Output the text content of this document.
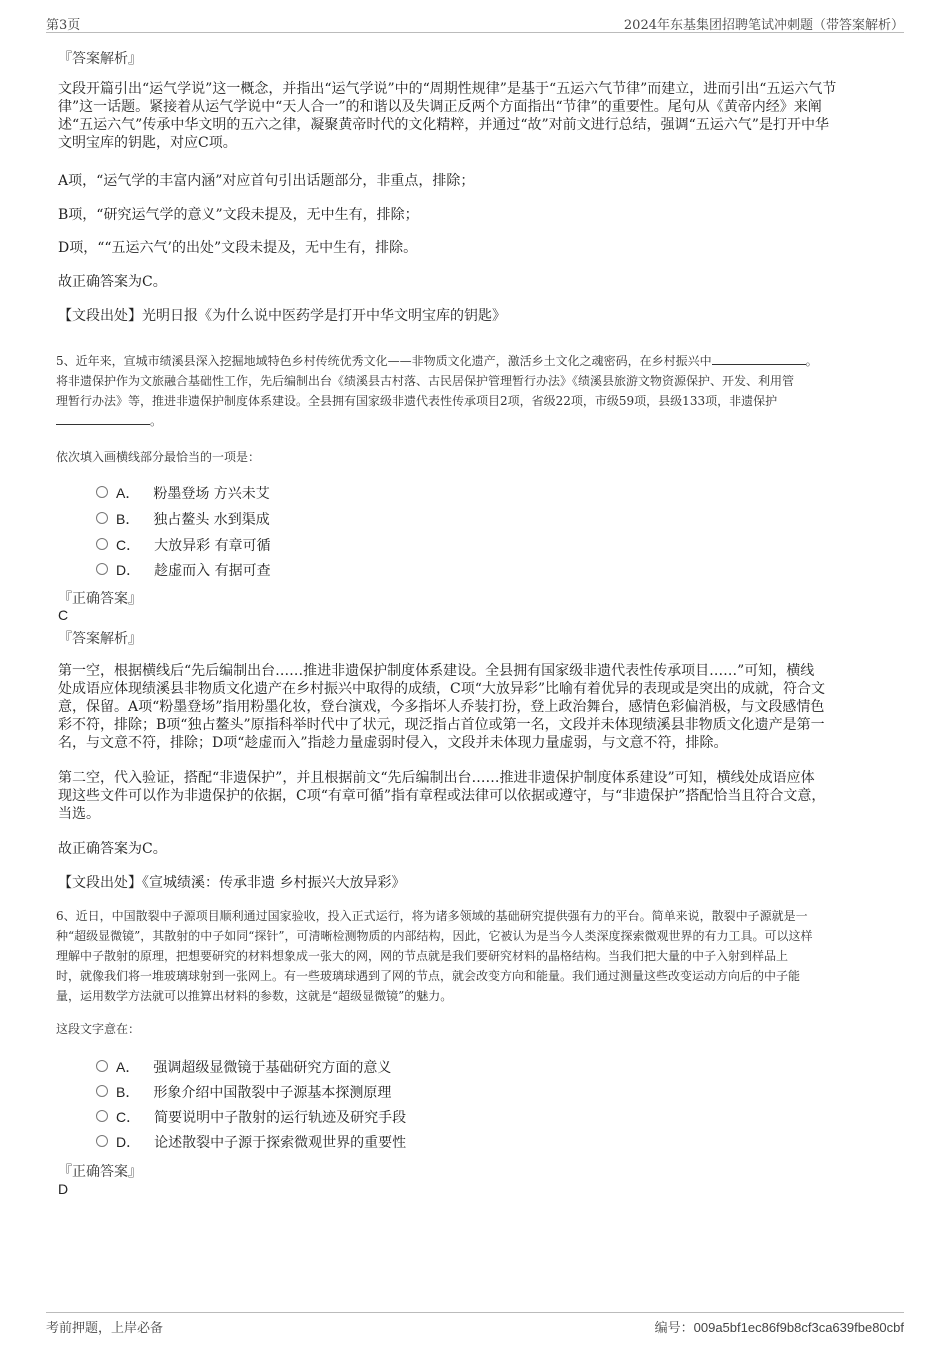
第3页	2024年东基集团招聘笔试冲刺题（带答案解析）
『答案解析』
文段开篇引出“运气学说”这一概念，并指出“运气学说”中的“周期性规律”是基于“五运六气节律”而建立，进而引出“五运六气节
律”这一话题。紧接着从运气学说中“天人合一”的和谐以及失调正反两个方面指出“节律”的重要性。尾句从《黄帝内经》来阐
述“五运六气”传承中华文明的五六之律，凝聚黄帝时代的文化精粹，并通过“故”对前文进行总结，强调“五运六气”是打开中华
文明宝库的钥匙，对应C项。
A项，“运气学的丰富内涵”对应首句引出话题部分，非重点，排除；
B项，“研究运气学的意义”文段未提及，无中生有，排除；
D项，““五运六气’的出处”文段未提及，无中生有，排除。
故正确答案为C。
【文段出处】光明日报《为什么说中医药学是打开中华文明宝库的钥匙》
5、近年来，宣城市绩溪县深入挖掘地域特色乡村传统优秀文化——非物质文化遗产，激活乡土文化之魂密码，在乡村振兴中	。
将非遗保护作为文旅融合基础性工作，先后编制出台《绩溪县古村落、古民居保护管理暂行办法》《绩溪县旅游文物资源保护、开发、利用管
理暂行办法》等，推进非遗保护制度体系建设。全县拥有国家级非遗代表性传承项目2项，省级22项，市级59项，县级133项，非遗保护
。
依次填入画横线部分最恰当的一项是：
A． 粉墨登场 方兴未艾
B． 独占鳌头 水到渠成
C． 大放异彩 有章可循
D． 趁虚而入 有据可查
『正确答案』
C
『答案解析』
第一空，根据横线后“先后编制出台……推进非遗保护制度体系建设。全县拥有国家级非遗代表性传承项目……”可知，横线
处成语应体现绩溪县非物质文化遗产在乡村振兴中取得的成绩，C项“大放异彩”比喻有着优异的表现或是突出的成就，符合文
意，保留。A项“粉墨登场”指用粉墨化妆，登台演戏，今多指坏人乔装打扮，登上政治舞台，感情色彩偏消极，与文段感情色
彩不符，排除；B项“独占鳌头”原指科举时代中了状元，现泛指占首位或第一名，文段并未体现绩溪县非物质文化遗产是第一
名，与文意不符，排除；D项“趁虚而入”指趁力量虚弱时侵入，文段并未体现力量虚弱，与文意不符，排除。
第二空，代入验证，搭配“非遗保护”，并且根据前文“先后编制出台……推进非遗保护制度体系建设”可知，横线处成语应体
现这些文件可以作为非遗保护的依据，C项“有章可循”指有章程或法律可以依据或遵守，与“非遗保护”搭配恰当且符合文意，
当选。
故正确答案为C。
【文段出处】《宣城绩溪：传承非遗 乡村振兴大放异彩》
6、近日，中国散裂中子源项目顺利通过国家验收，投入正式运行，将为诸多领域的基础研究提供强有力的平台。简单来说，散裂中子源就是一
种“超级显微镜”，其散射的中子如同“探针”，可清晰检测物质的内部结构，因此，它被认为是当今人类深度探索微观世界的有力工具。可以这样
理解中子散射的原理，把想要研究的材料想象成一张大的网，网的节点就是我们要研究材料的晶格结构。当我们把大量的中子入射到样品上
时，就像我们将一堆玻璃球射到一张网上。有一些玻璃球遇到了网的节点，就会改变方向和能量。我们通过测量这些改变运动方向后的中子能
量，运用数学方法就可以推算出材料的参数，这就是“超级显微镜”的魅力。
这段文字意在：
A． 强调超级显微镜于基础研究方面的意义
B． 形象介绍中国散裂中子源基本探测原理
C． 简要说明中子散射的运行轨迹及研究手段
D． 论述散裂中子源于探索微观世界的重要性
『正确答案』
D
考前押题，上岸必备	编号：009a5bf1ec86f9b8cf3ca639fbe80cbf
